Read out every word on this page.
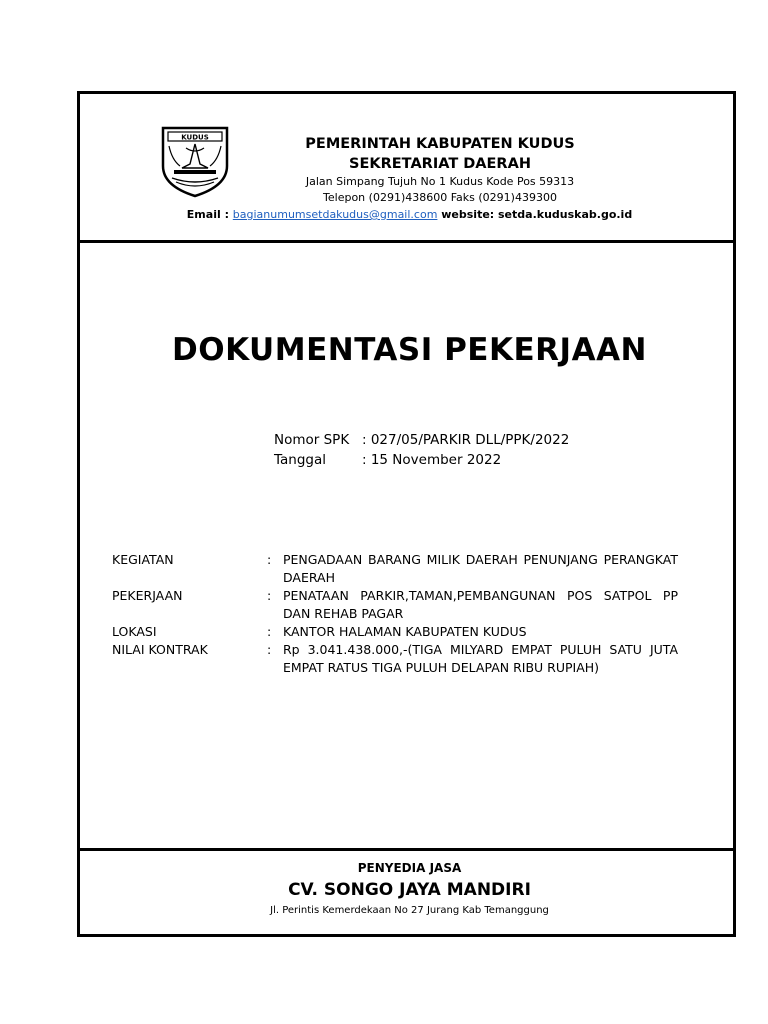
KUDUS	PEMERINTAH KABUPATEN KUDUS
SEKRETARIAT DAERAH
Jalan Simpang Tujuh No 1 Kudus Kode Pos 59313
Telepon (0291)438600 Faks (0291)439300
Email : bagianumumsetdakudus@gmail.com website: setda.kuduskab.go.id
DOKUMENTASI PEKERJAAN
Nomor SPK : 027/05/PARKIR DLL/PPK/2022
Tanggal	: 15 November 2022
KEGIATAN	: PENGADAAN BARANG MILIK DAERAH PENUNJANG PERANGKAT DAERAH
PEKERJAAN	: PENATAAN PARKIR,TAMAN,PEMBANGUNAN POS SATPOL PP DAN REHAB PAGAR
LOKASI	: KANTOR HALAMAN KABUPATEN KUDUS
NILAI KONTRAK	: Rp 3.041.438.000,-(TIGA MILYARD EMPAT PULUH SATU JUTA EMPAT RATUS TIGA PULUH DELAPAN RIBU RUPIAH)
PENYEDIA JASA
CV. SONGO JAYA MANDIRI
Jl. Perintis Kemerdekaan No 27 Jurang Kab Temanggung
